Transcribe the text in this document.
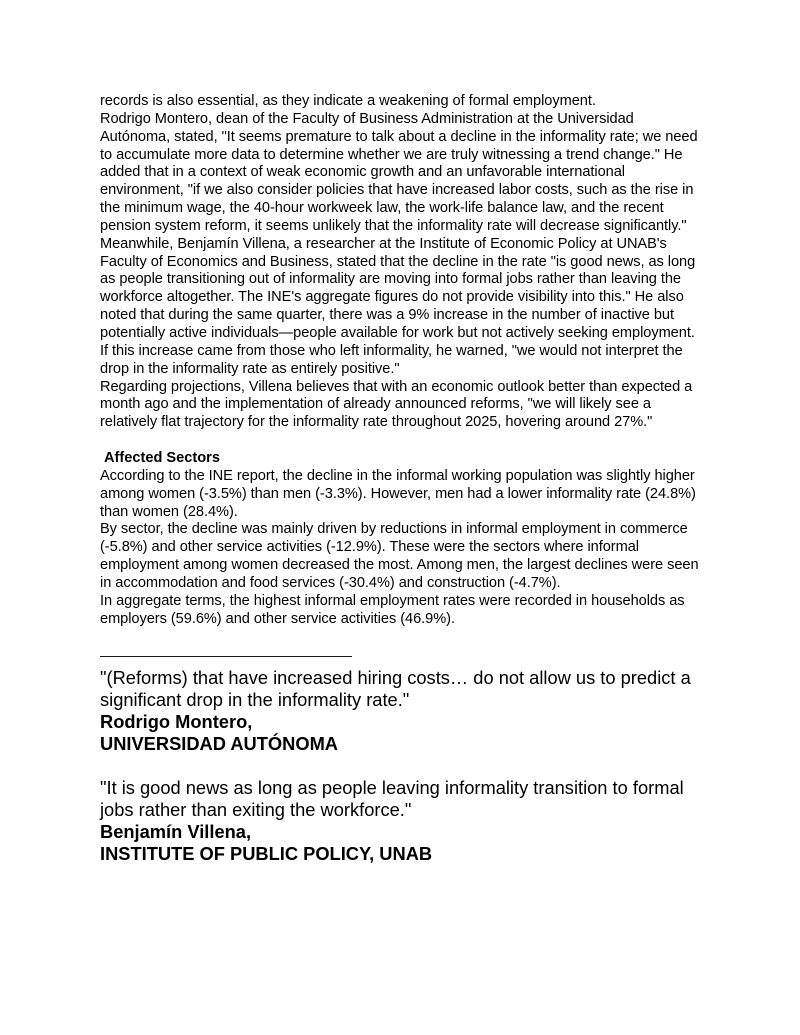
records is also essential, as they indicate a weakening of formal employment.

Rodrigo Montero, dean of the Faculty of Business Administration at the Universidad Autónoma, stated, "It seems premature to talk about a decline in the informality rate; we need to accumulate more data to determine whether we are truly witnessing a trend change." He added that in a context of weak economic growth and an unfavorable international environment, "if we also consider policies that have increased labor costs, such as the rise in the minimum wage, the 40-hour workweek law, the work-life balance law, and the recent pension system reform, it seems unlikely that the informality rate will decrease significantly."

Meanwhile, Benjamín Villena, a researcher at the Institute of Economic Policy at UNAB's Faculty of Economics and Business, stated that the decline in the rate "is good news, as long as people transitioning out of informality are moving into formal jobs rather than leaving the workforce altogether. The INE's aggregate figures do not provide visibility into this." He also noted that during the same quarter, there was a 9% increase in the number of inactive but potentially active individuals—people available for work but not actively seeking employment. If this increase came from those who left informality, he warned, "we would not interpret the drop in the informality rate as entirely positive."

Regarding projections, Villena believes that with an economic outlook better than expected a month ago and the implementation of already announced reforms, "we will likely see a relatively flat trajectory for the informality rate throughout 2025, hovering around 27%."

Affected Sectors

According to the INE report, the decline in the informal working population was slightly higher among women (-3.5%) than men (-3.3%). However, men had a lower informality rate (24.8%) than women (28.4%).

By sector, the decline was mainly driven by reductions in informal employment in commerce (-5.8%) and other service activities (-12.9%). These were the sectors where informal employment among women decreased the most. Among men, the largest declines were seen in accommodation and food services (-30.4%) and construction (-4.7%).

In aggregate terms, the highest informal employment rates were recorded in households as employers (59.6%) and other service activities (46.9%).

——————————————————

"(Reforms) that have increased hiring costs… do not allow us to predict a significant drop in the informality rate."

Rodrigo Montero,

UNIVERSIDAD AUTÓNOMA

"It is good news as long as people leaving informality transition to formal jobs rather than exiting the workforce."

Benjamín Villena,

INSTITUTE OF PUBLIC POLICY, UNAB
